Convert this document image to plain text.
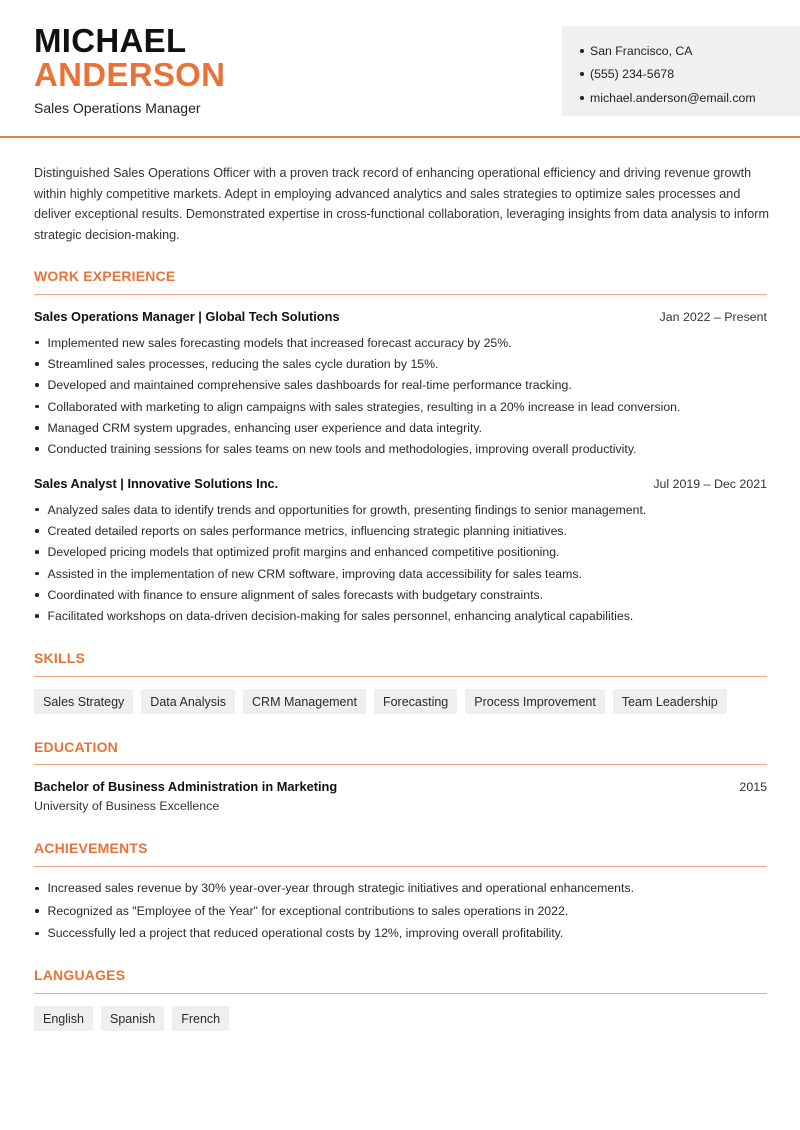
MICHAEL
ANDERSON
Sales Operations Manager
San Francisco, CA
(555) 234-5678
michael.anderson@email.com

Distinguished Sales Operations Officer with a proven track record of enhancing operational efficiency and driving revenue growth within highly competitive markets. Adept in employing advanced analytics and sales strategies to optimize sales processes and deliver exceptional results. Demonstrated expertise in cross-functional collaboration, leveraging insights from data analysis to inform strategic decision-making.

WORK EXPERIENCE
Sales Operations Manager | Global Tech Solutions	Jan 2022 – Present
Implemented new sales forecasting models that increased forecast accuracy by 25%.
Streamlined sales processes, reducing the sales cycle duration by 15%.
Developed and maintained comprehensive sales dashboards for real-time performance tracking.
Collaborated with marketing to align campaigns with sales strategies, resulting in a 20% increase in lead conversion.
Managed CRM system upgrades, enhancing user experience and data integrity.
Conducted training sessions for sales teams on new tools and methodologies, improving overall productivity.
Sales Analyst | Innovative Solutions Inc.	Jul 2019 – Dec 2021
Analyzed sales data to identify trends and opportunities for growth, presenting findings to senior management.
Created detailed reports on sales performance metrics, influencing strategic planning initiatives.
Developed pricing models that optimized profit margins and enhanced competitive positioning.
Assisted in the implementation of new CRM software, improving data accessibility for sales teams.
Coordinated with finance to ensure alignment of sales forecasts with budgetary constraints.
Facilitated workshops on data-driven decision-making for sales personnel, enhancing analytical capabilities.
SKILLS
Sales Strategy	Data Analysis	CRM Management	Forecasting	Process Improvement	Team Leadership
EDUCATION
Bachelor of Business Administration in Marketing	2015
University of Business Excellence
ACHIEVEMENTS
Increased sales revenue by 30% year-over-year through strategic initiatives and operational enhancements.
Recognized as "Employee of the Year" for exceptional contributions to sales operations in 2022.
Successfully led a project that reduced operational costs by 12%, improving overall profitability.
LANGUAGES
English	Spanish	French
